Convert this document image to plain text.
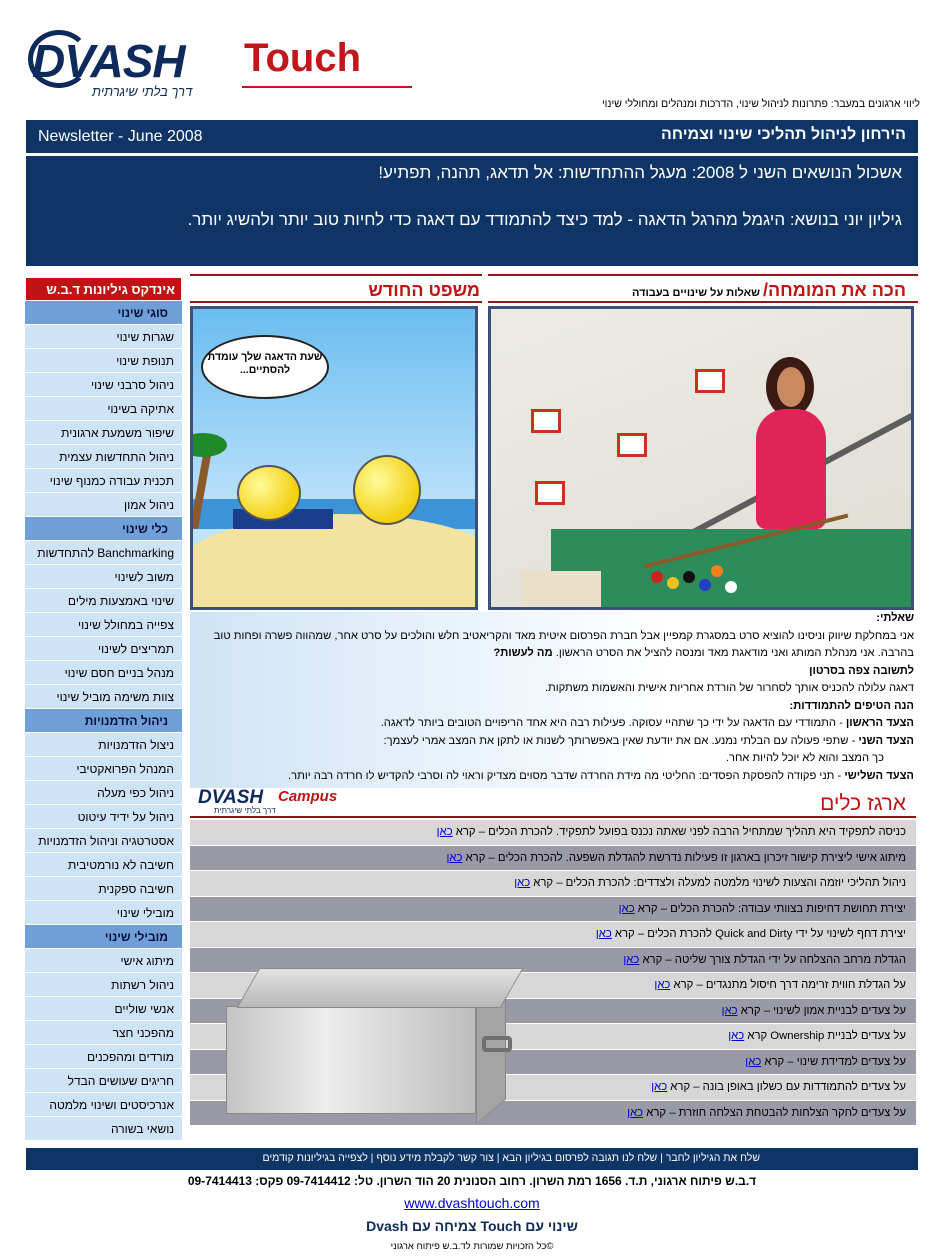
DVASH Touch
דרך בלתי שיגרתית
ליווי ארגונים במעבר: פתרונות לניהול שינוי, הדרכות ומנהלים ומחוללי שינוי
Newsletter - June 2008	הירחון לניהול תהליכי שינוי וצמיחה
אשכול הנושאים השני ל 2008: מעגל ההתחדשות: אל תדאג, תהנה, תפתיע!
גיליון יוני בנושא: היגמל מהרגל הדאגה - למד כיצד להתמודד עם דאגה כדי לחיות טוב יותר ולהשיג יותר.
אינדקס גיליונות ד.ב.ש
סוגי שינוי
שגרות שינוי
תנופת שינוי
ניהול סרבני שינוי
אתיקה בשינוי
שיפור משמעת ארגונית
ניהול התחדשות עצמית
תכנית עבודה כמנוף שינוי
ניהול אמון
כלי שינוי
Banchmarking להתחדשות
משוב לשינוי
שינוי באמצעות מילים
צפייה במחולל שינוי
תמריצים לשינוי
מנהל בניים חסם שינוי
צוות משימה מוביל שינוי
ניהול הזדמנויות
ניצול הזדמנויות
המנהל הפרואקטיבי
ניהול כפי מעלה
ניהול על ידיד עיטוט
אסטרטגיה וניהול הזדמנויות
חשיבה לא נורמטיבית
חשיבה ספקנית
מובילי שינוי
מובילי שינוי
מיתוג אישי
ניהול רשתות
אנשי שוליים
מהפכני חצר
מורדים ומהפכנים
חריגים שעושים הבדל
אנרכיסטים ושינוי מלמטה
נושאי בשורה
הכה את המומחה/ שאלות על שינויים בעבודה
משפט החודש
שעת הדאגה שלך עומדת להסתיים...
שאלתי:
אני במחלקת שיווק וניסינו להוציא סרט במסגרת קמפיין אבל חברת הפרסום איטית מאד והקריאטיב חלש והולכים על סרט אחר, שמהווה פשרה ופחות טוב בהרבה. אני מנהלת המותג ואני מודאגת מאד ומנסה להציל את הסרט הראשון. מה לעשות?
לתשובה צפה בסרטון
דאגה עלולה להכניס אותך לסחרור של הורדת אחריות אישית והאשמות משתקות.
הנה הטיפים להתמודדות:
הצעד הראשון - התמודדי עם הדאגה על ידי כך שתהיי עסוקה. פעילות רבה היא אחד הריפויים הטובים ביותר לדאגה.
הצעד השני - שתפי פעולה עם הבלתי נמנע. אם את יודעת שאין באפשרותך לשנות או לתקן את המצב אמרי לעצמך:
כך המצב והוא לא יוכל להיות אחר.
הצעד השלישי - תני פקודה להפסקת הפסדים: החליטי מה מידת החרדה שדבר מסוים מצדיק וראוי לה וסרבי להקדיש לו חרדה רבה יותר.
DVASH Campus
דרך בלתי שיגרתית	ארגז כלים
כניסה לתפקיד היא תהליך שמתחיל הרבה לפני שאתה נכנס בפועל לתפקיד. להכרת הכלים – קרא כאן
מיתוג אישי ליצירת קישור זיכרון בארגון זו פעילות נדרשת להגדלת השפעה. להכרת הכלים – קרא כאן
ניהול תהליכי יוזמה והצעות לשינוי מלמטה למעלה ולצדדים: להכרת הכלים – קרא כאן
יצירת תחושת דחיפות בצוותי עבודה: להכרת הכלים – קרא כאן
יצירת דחף לשינוי על ידי Quick and Dirty להכרת הכלים – קרא כאן
הגדלת מרחב ההצלחה על ידי הגדלת צורך שליטה – קרא כאן
על הגדלת חווית זרימה דרך חיסול מתנגדים – קרא כאן
על צעדים לבניית אמון לשינוי – קרא כאן
על צעדים לבניית Ownership קרא כאן
על צעדים למדידת שינוי – קרא כאן
על צעדים להתמודדות עם כשלון באופן בונה – קרא כאן
על צעדים לחקר הצלחות להבטחת הצלחה חוזרת – קרא כאן
שלח את הגיליון לחבר | שלח לנו תגובה לפרסום בגיליון הבא | צור קשר לקבלת מידע נוסף | לצפייה בגיליונות קודמים
ד.ב.ש פיתוח ארגוני, ת.ד. 1656 רמת השרון. רחוב הסנונית 20 הוד השרון. טל: 09-7414412 פקס: 09-7414413
www.dvashtouch.com
שינוי עם Touch צמיחה עם Dvash
©כל הזכויות שמורות לד.ב.ש פיתוח ארגוני
